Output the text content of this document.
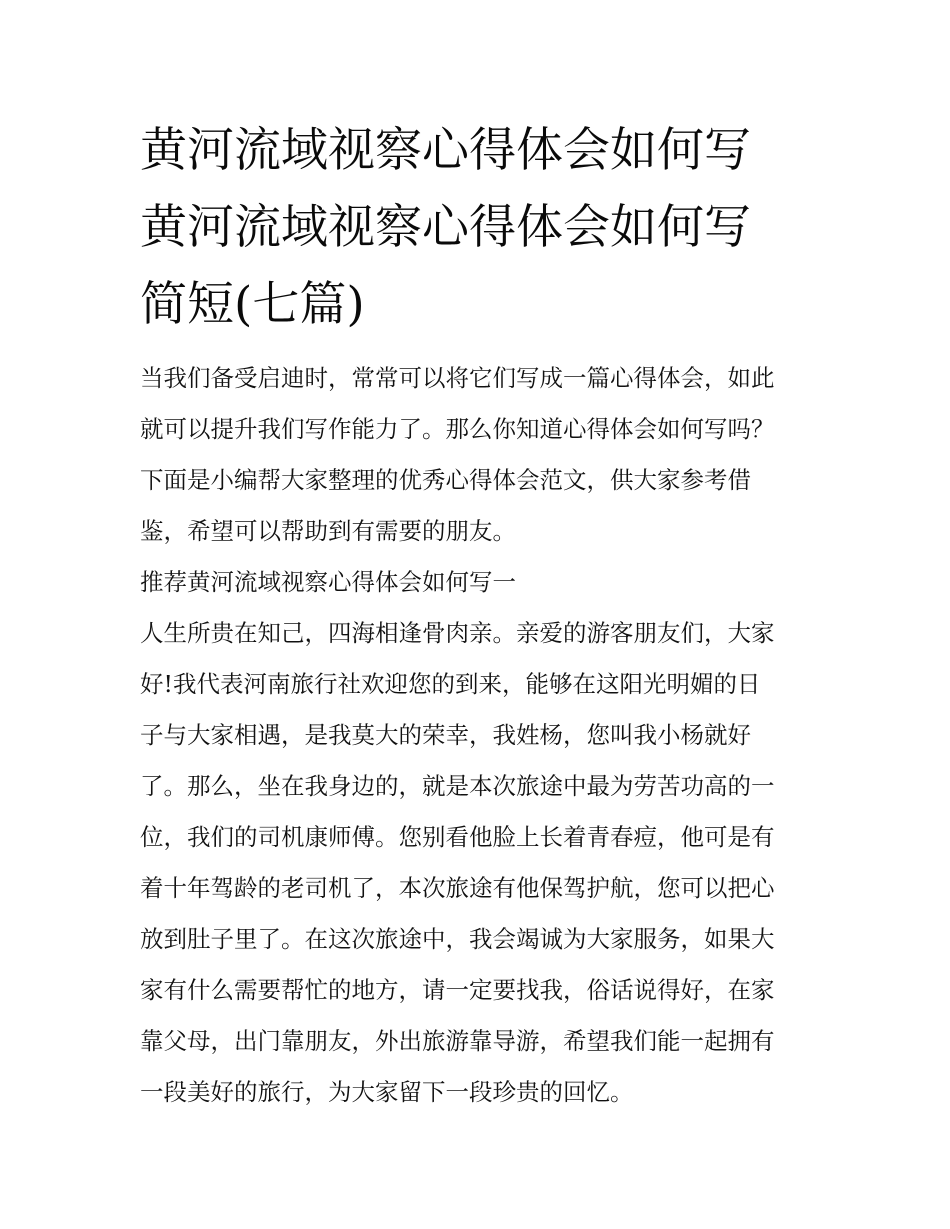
黄河流域视察心得体会如何写
黄河流域视察心得体会如何写
简短(七篇)

当我们备受启迪时，常常可以将它们写成一篇心得体会，如此
就可以提升我们写作能力了。那么你知道心得体会如何写吗？
下面是小编帮大家整理的优秀心得体会范文，供大家参考借
鉴，希望可以帮助到有需要的朋友。

推荐黄河流域视察心得体会如何写一

人生所贵在知己，四海相逢骨肉亲。亲爱的游客朋友们，大家
好!我代表河南旅行社欢迎您的到来，能够在这阳光明媚的日
子与大家相遇，是我莫大的荣幸，我姓杨，您叫我小杨就好
了。那么，坐在我身边的，就是本次旅途中最为劳苦功高的一
位，我们的司机康师傅。您别看他脸上长着青春痘，他可是有
着十年驾龄的老司机了，本次旅途有他保驾护航，您可以把心
放到肚子里了。在这次旅途中，我会竭诚为大家服务，如果大
家有什么需要帮忙的地方，请一定要找我，俗话说得好，在家
靠父母，出门靠朋友，外出旅游靠导游，希望我们能一起拥有
一段美好的旅行，为大家留下一段珍贵的回忆。
